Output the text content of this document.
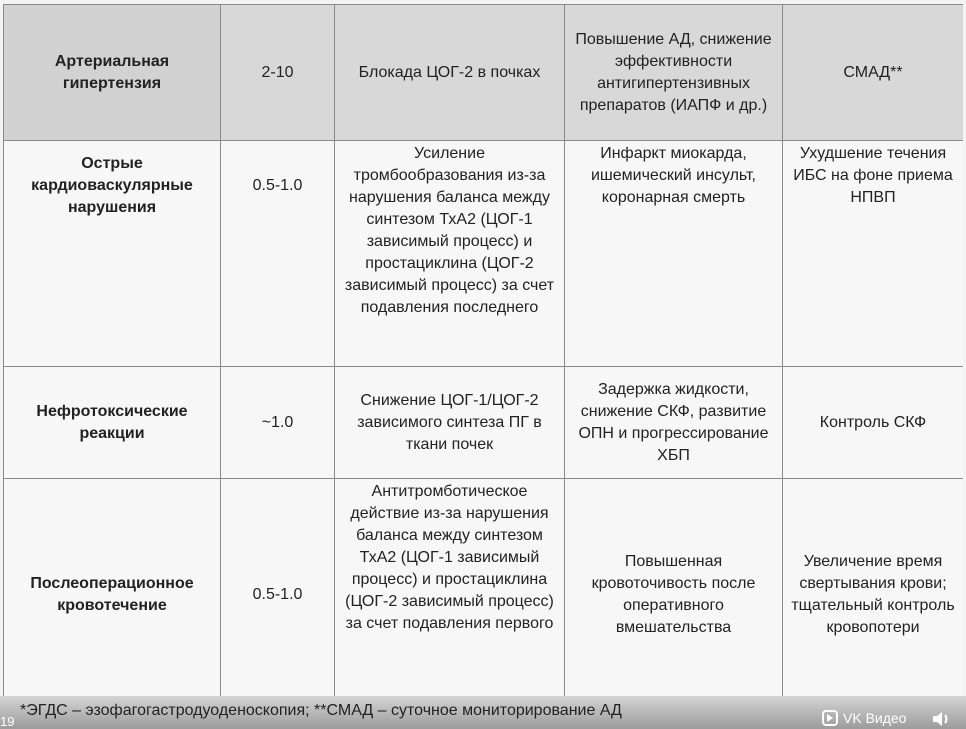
Артериальная гипертензия	2-10	Блокада ЦОГ-2 в почках	Повышение АД, снижение эффективности антигипертензивных препаратов (ИАПФ и др.)	СМАД**
Острые кардиоваскулярные нарушения	0.5-1.0	Усиление тромбообразования из-за нарушения баланса между синтезом ТхА2 (ЦОГ-1 зависимый процесс) и простациклина (ЦОГ-2 зависимый процесс) за счет подавления последнего	Инфаркт миокарда, ишемический инсульт, коронарная смерть	Ухудшение течения ИБС на фоне приема НПВП
Нефротоксические реакции	~1.0	Снижение ЦОГ-1/ЦОГ-2 зависимого синтеза ПГ в ткани почек	Задержка жидкости, снижение СКФ, развитие ОПН и прогрессирование ХБП	Контроль СКФ
Послеоперационное кровотечение	0.5-1.0	Антитромботическое действие из-за нарушения баланса между синтезом ТхА2 (ЦОГ-1 зависимый процесс) и простациклина (ЦОГ-2 зависимый процесс) за счет подавления первого	Повышенная кровоточивость после оперативного вмешательства	Увеличение время свертывания крови; тщательный контроль кровопотери
*ЭГДС – эзофагогастродуоденоскопия; **СМАД – суточное мониторирование АД
19	VK Видео
